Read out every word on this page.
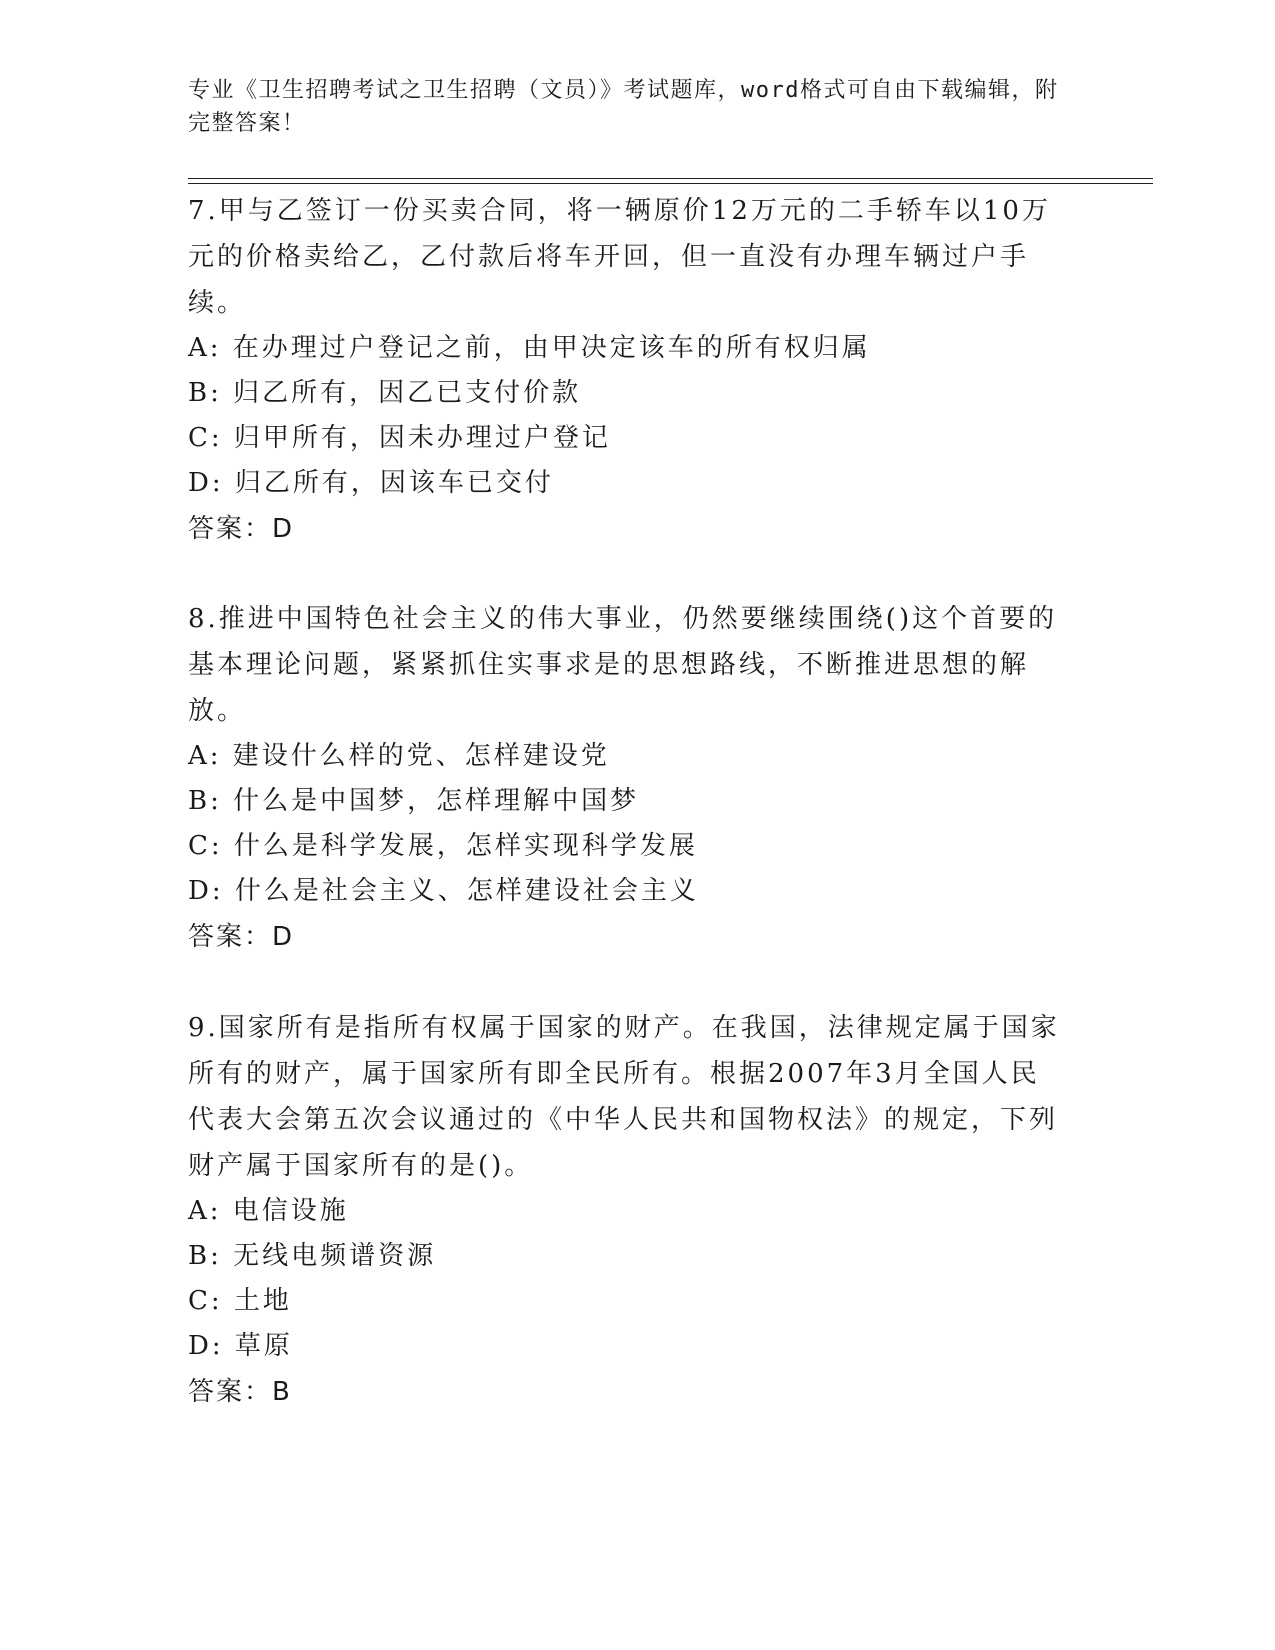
专业《卫生招聘考试之卫生招聘（文员）》考试题库，word格式可自由下载编辑，附完整答案！

7.甲与乙签订一份买卖合同，将一辆原价12万元的二手轿车以10万元的价格卖给乙，乙付款后将车开回，但一直没有办理车辆过户手续。

A: 在办理过户登记之前，由甲决定该车的所有权归属

B: 归乙所有，因乙已支付价款

C: 归甲所有，因未办理过户登记

D: 归乙所有，因该车已交付

答案：D

8.推进中国特色社会主义的伟大事业，仍然要继续围绕()这个首要的基本理论问题，紧紧抓住实事求是的思想路线，不断推进思想的解放。

A: 建设什么样的党、怎样建设党

B: 什么是中国梦，怎样理解中国梦

C: 什么是科学发展，怎样实现科学发展

D: 什么是社会主义、怎样建设社会主义

答案：D

9.国家所有是指所有权属于国家的财产。在我国，法律规定属于国家所有的财产，属于国家所有即全民所有。根据2007年3月全国人民代表大会第五次会议通过的《中华人民共和国物权法》的规定，下列财产属于国家所有的是()。

A: 电信设施

B: 无线电频谱资源

C: 土地

D: 草原

答案：B
